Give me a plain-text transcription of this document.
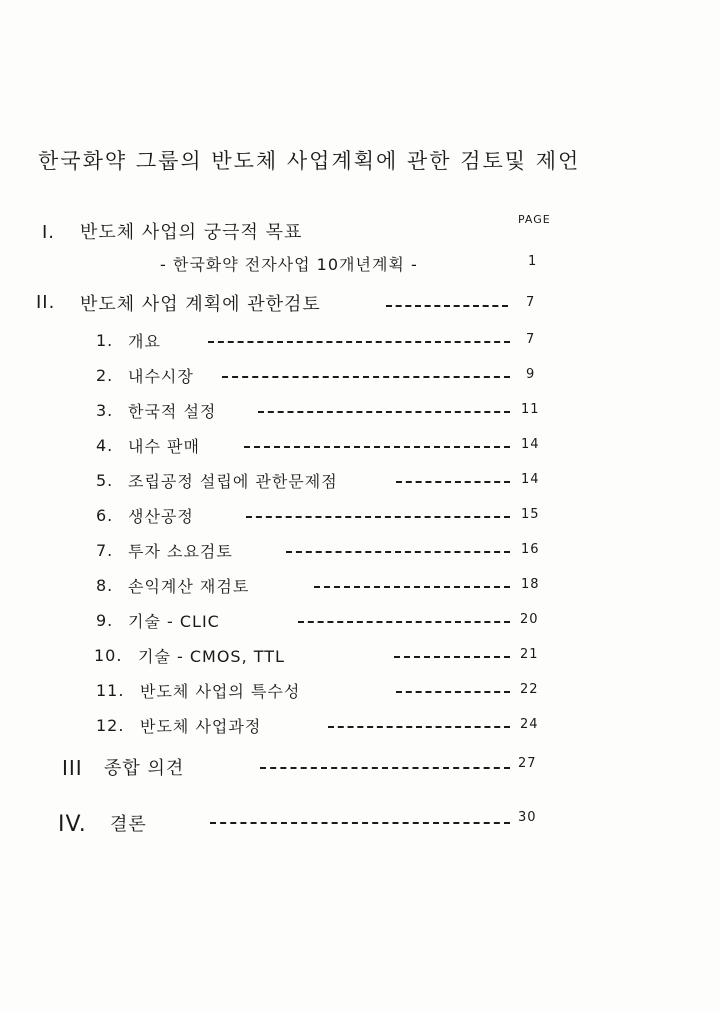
한국화약 그룹의 반도체 사업계획에 관한 검토및 제언
PAGE
I. 반도체 사업의 궁극적 목표
- 한국화약 전자사업 10개년계획 -	1
II. 반도체 사업 계획에 관한검토	7
1. 개요	7
2. 내수시장	9
3. 한국적 설정	11
4. 내수 판매	14
5. 조립공정 설립에 관한문제점	14
6. 생산공정	15
7. 투자 소요검토	16
8. 손익계산 재검토	18
9. 기술 - CLIC	20
10. 기술 - CMOS, TTL	21
11. 반도체 사업의 특수성	22
12. 반도체 사업과정	24
III 종합 의견	27
IV. 결론	30
